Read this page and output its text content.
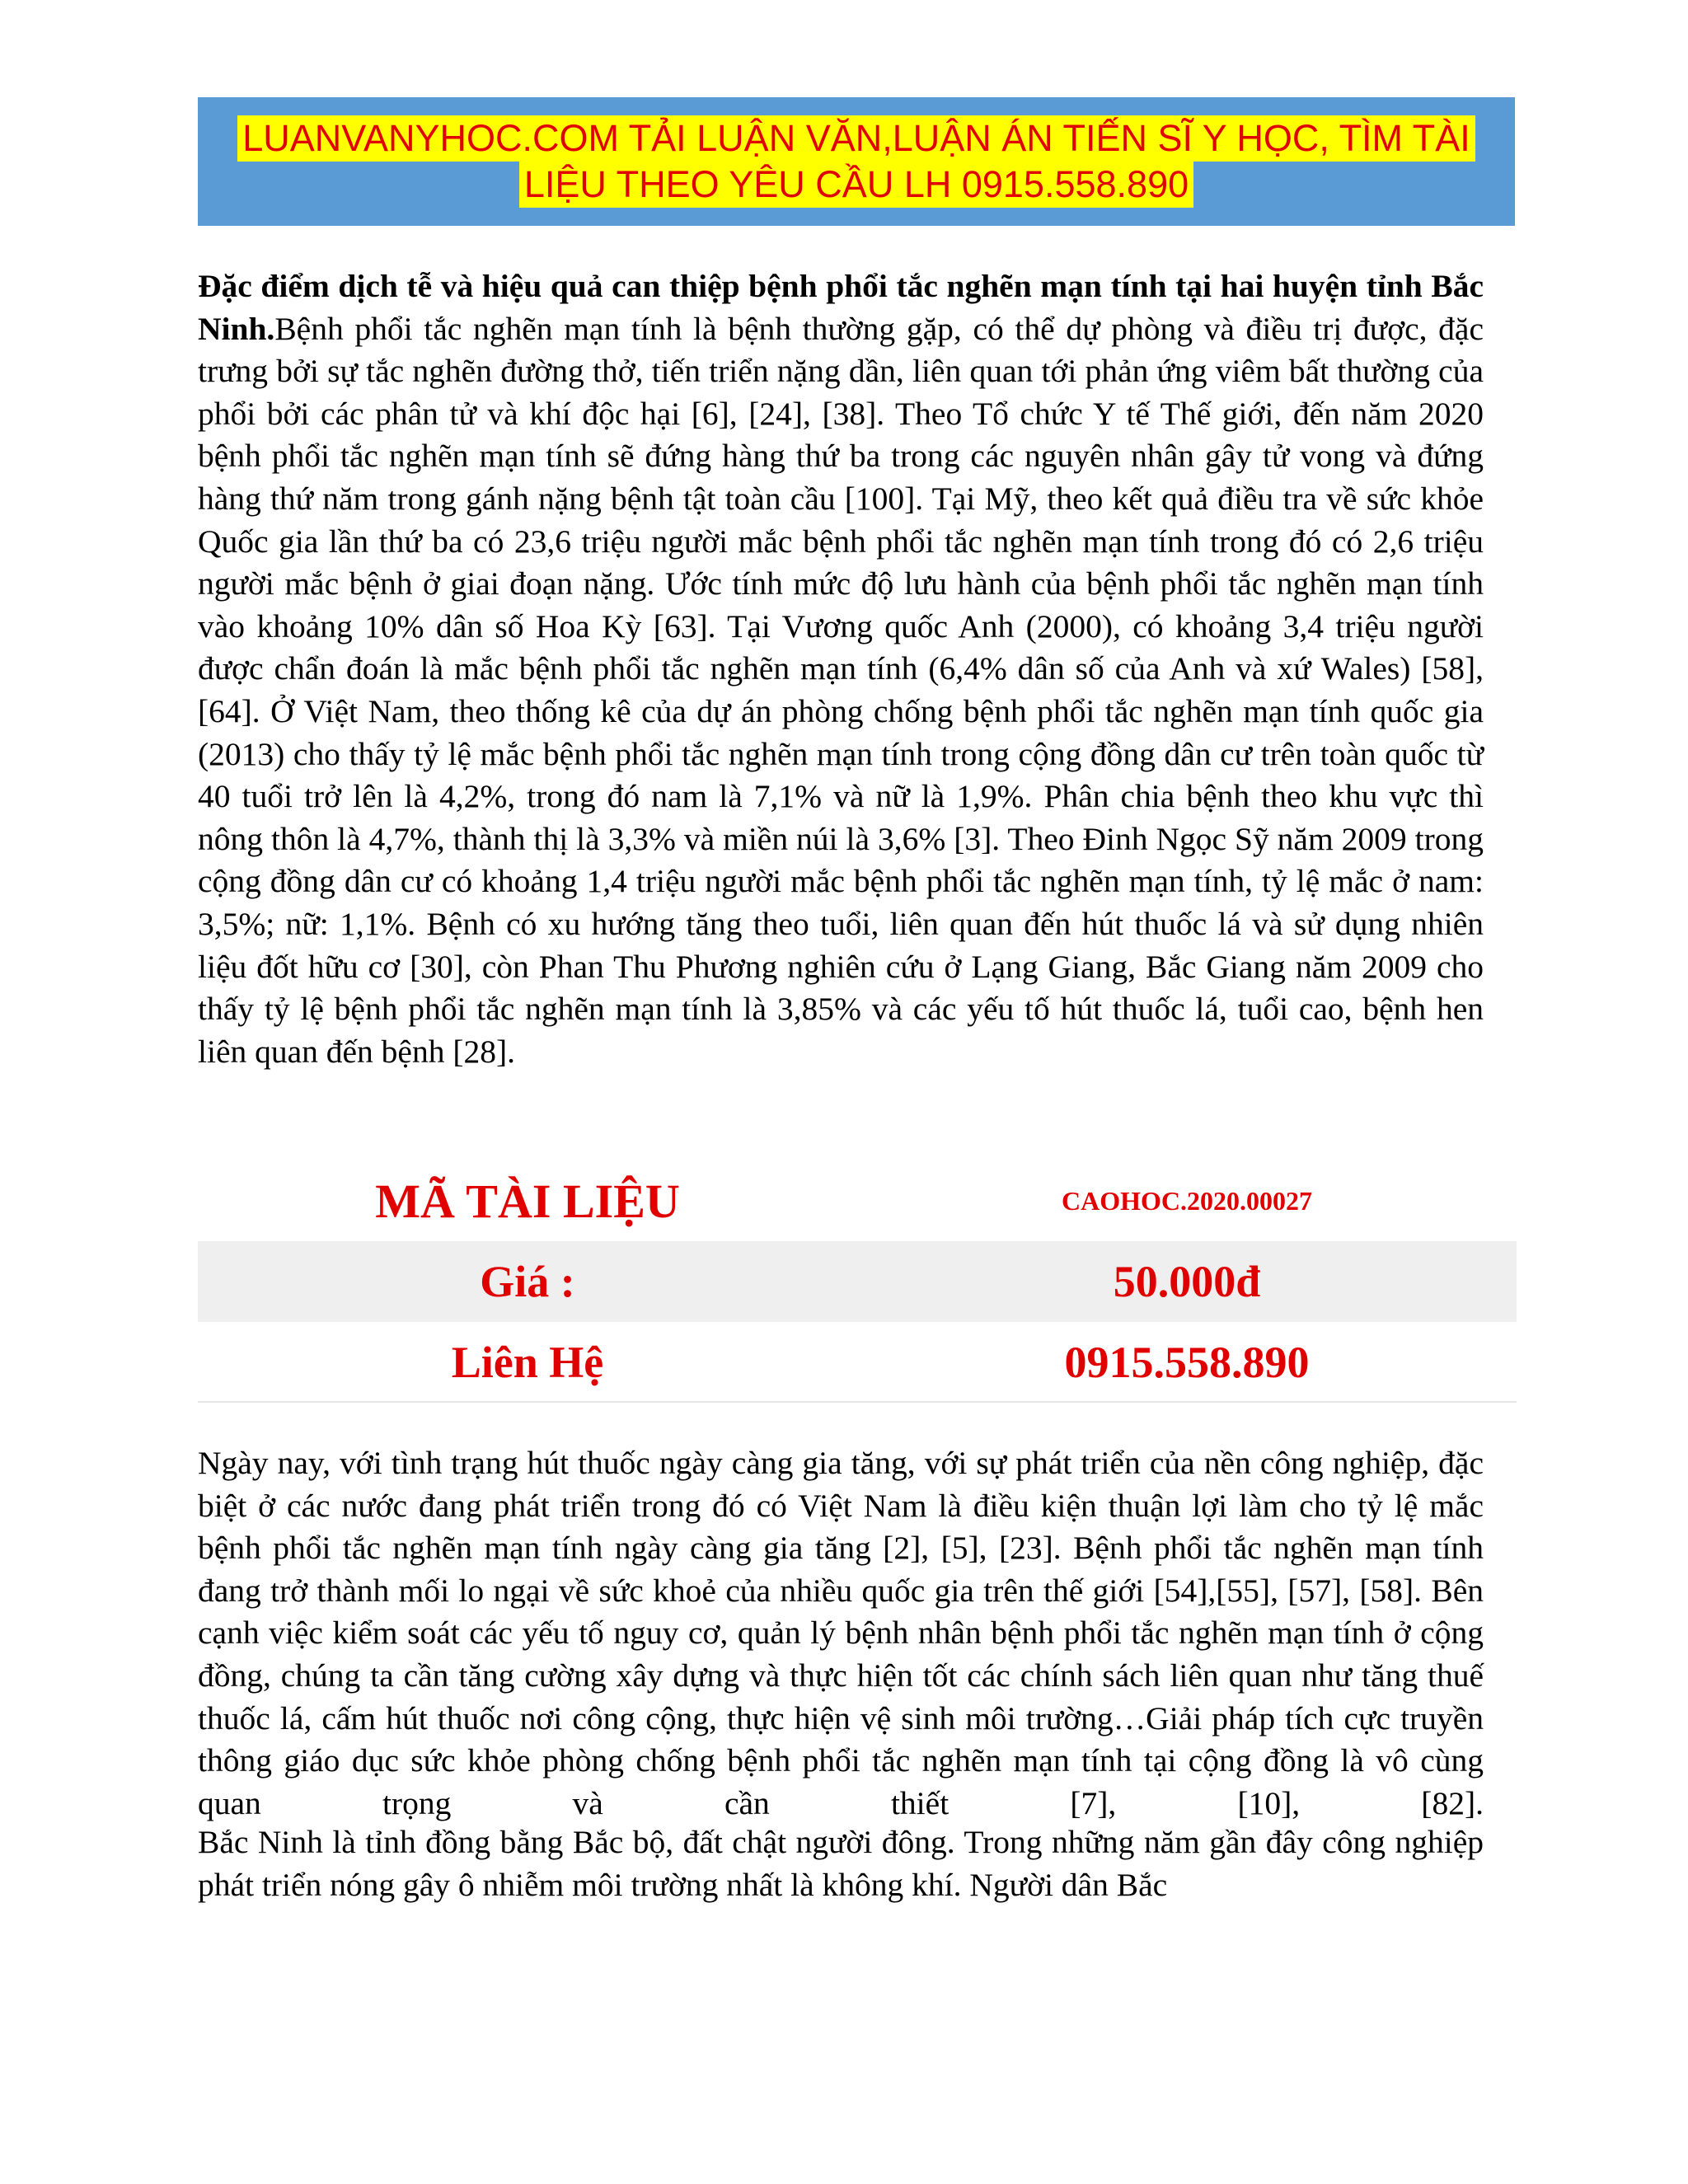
LUANVANYHOC.COM TẢI LUẬN VĂN,LUẬN ÁN TIẾN SĨ Y HỌC, TÌM TÀI
LIỆU THEO YÊU CẦU LH 0915.558.890

Đặc điểm dịch tễ và hiệu quả can thiệp bệnh phổi tắc nghẽn mạn tính tại hai huyện tỉnh Bắc Ninh.Bệnh phổi tắc nghẽn mạn tính là bệnh thường gặp, có thể dự phòng và điều trị được, đặc trưng bởi sự tắc nghẽn đường thở, tiến triển nặng dần, liên quan tới phản ứng viêm bất thường của phổi bởi các phân tử và khí độc hại [6], [24], [38]. Theo Tổ chức Y tế Thế giới, đến năm 2020 bệnh phổi tắc nghẽn mạn tính sẽ đứng hàng thứ ba trong các nguyên nhân gây tử vong và đứng hàng thứ năm trong gánh nặng bệnh tật toàn cầu [100]. Tại Mỹ, theo kết quả điều tra về sức khỏe Quốc gia lần thứ ba có 23,6 triệu người mắc bệnh phổi tắc nghẽn mạn tính trong đó có 2,6 triệu người mắc bệnh ở giai đoạn nặng. Ước tính mức độ lưu hành của bệnh phổi tắc nghẽn mạn tính vào khoảng 10% dân số Hoa Kỳ [63]. Tại Vương quốc Anh (2000), có khoảng 3,4 triệu người được chẩn đoán là mắc bệnh phổi tắc nghẽn mạn tính (6,4% dân số của Anh và xứ Wales) [58], [64]. Ở Việt Nam, theo thống kê của dự án phòng chống bệnh phổi tắc nghẽn mạn tính quốc gia (2013) cho thấy tỷ lệ mắc bệnh phổi tắc nghẽn mạn tính trong cộng đồng dân cư trên toàn quốc từ 40 tuổi trở lên là 4,2%, trong đó nam là 7,1% và nữ là 1,9%. Phân chia bệnh theo khu vực thì nông thôn là 4,7%, thành thị là 3,3% và miền núi là 3,6% [3]. Theo Đinh Ngọc Sỹ năm 2009 trong cộng đồng dân cư có khoảng 1,4 triệu người mắc bệnh phổi tắc nghẽn mạn tính, tỷ lệ mắc ở nam: 3,5%; nữ: 1,1%. Bệnh có xu hướng tăng theo tuổi, liên quan đến hút thuốc lá và sử dụng nhiên liệu đốt hữu cơ [30], còn Phan Thu Phương nghiên cứu ở Lạng Giang, Bắc Giang năm 2009 cho thấy tỷ lệ bệnh phổi tắc nghẽn mạn tính là 3,85% và các yếu tố hút thuốc lá, tuổi cao, bệnh hen liên quan đến bệnh [28].

MÃ TÀI LIỆU	CAOHOC.2020.00027
Giá :	50.000đ
Liên Hệ	0915.558.890

Ngày nay, với tình trạng hút thuốc ngày càng gia tăng, với sự phát triển của nền công nghiệp, đặc biệt ở các nước đang phát triển trong đó có Việt Nam là điều kiện thuận lợi làm cho tỷ lệ mắc bệnh phổi tắc nghẽn mạn tính ngày càng gia tăng [2], [5], [23]. Bệnh phổi tắc nghẽn mạn tính đang trở thành mối lo ngại về sức khoẻ của nhiều quốc gia trên thế giới [54],[55], [57], [58]. Bên cạnh việc kiểm soát các yếu tố nguy cơ, quản lý bệnh nhân bệnh phổi tắc nghẽn mạn tính ở cộng đồng, chúng ta cần tăng cường xây dựng và thực hiện tốt các chính sách liên quan như tăng thuế thuốc lá, cấm hút thuốc nơi công cộng, thực hiện vệ sinh môi trường…Giải pháp tích cực truyền thông giáo dục sức khỏe phòng chống bệnh phổi tắc nghẽn mạn tính tại cộng đồng là vô cùng quan trọng và cần thiết [7], [10], [82].

Bắc Ninh là tỉnh đồng bằng Bắc bộ, đất chật người đông. Trong những năm gần đây công nghiệp phát triển nóng gây ô nhiễm môi trường nhất là không khí. Người dân Bắc
